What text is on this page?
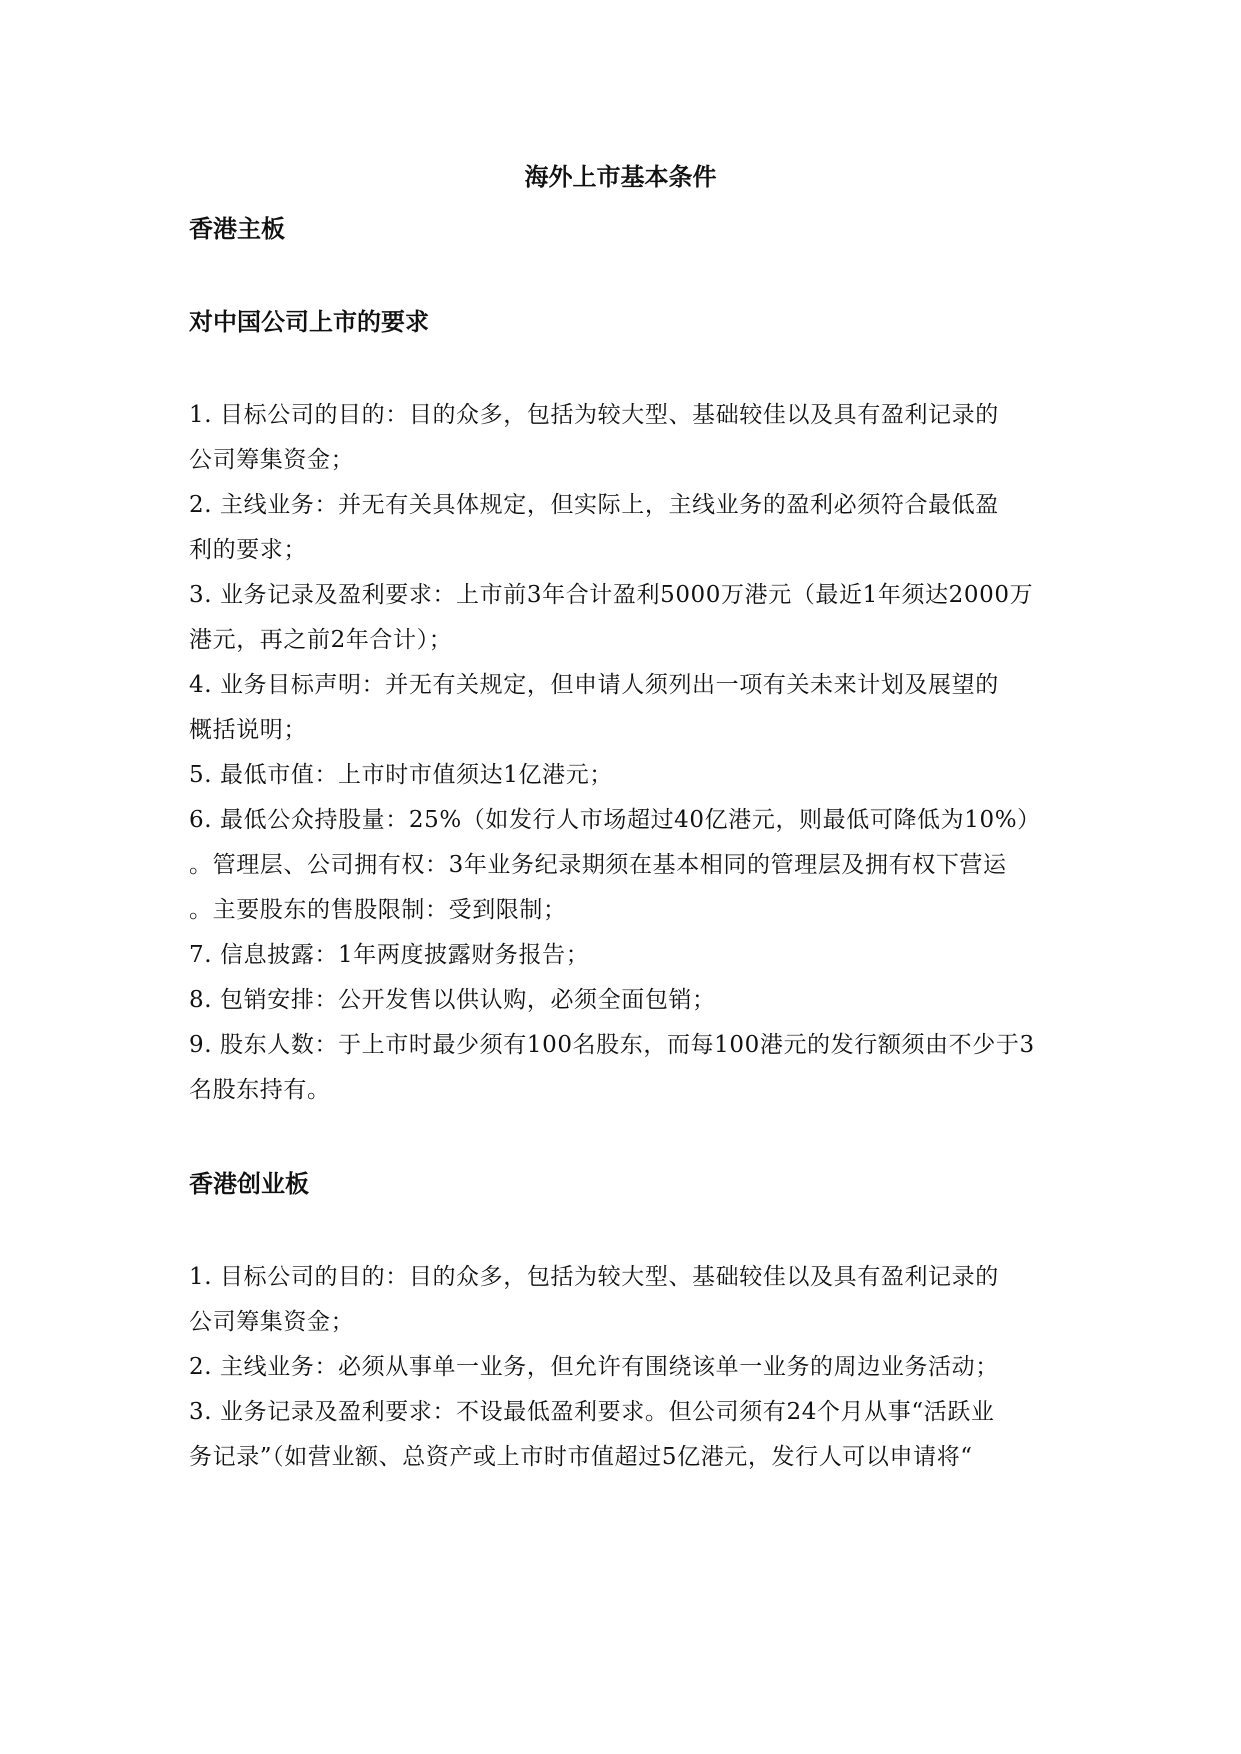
海外上市基本条件
香港主板
对中国公司上市的要求
1. 目标公司的目的：目的众多，包括为较大型、基础较佳以及具有盈利记录的
公司筹集资金；
2. 主线业务：并无有关具体规定，但实际上，主线业务的盈利必须符合最低盈
利的要求；
3. 业务记录及盈利要求：上市前3年合计盈利5000万港元（最近1年须达2000万
港元，再之前2年合计）；
4. 业务目标声明：并无有关规定，但申请人须列出一项有关未来计划及展望的
概括说明；
5. 最低市值：上市时市值须达1亿港元；
6. 最低公众持股量：25%（如发行人市场超过40亿港元，则最低可降低为10%）
。管理层、公司拥有权：3年业务纪录期须在基本相同的管理层及拥有权下营运
。主要股东的售股限制：受到限制；
7. 信息披露：1年两度披露财务报告；
8. 包销安排：公开发售以供认购，必须全面包销；
9. 股东人数：于上市时最少须有100名股东，而每100港元的发行额须由不少于3
名股东持有。
香港创业板
1. 目标公司的目的：目的众多，包括为较大型、基础较佳以及具有盈利记录的
公司筹集资金；
2. 主线业务：必须从事单一业务，但允许有围绕该单一业务的周边业务活动；
3. 业务记录及盈利要求：不设最低盈利要求。但公司须有24个月从事“活跃业
务记录”（如营业额、总资产或上市时市值超过5亿港元，发行人可以申请将“
